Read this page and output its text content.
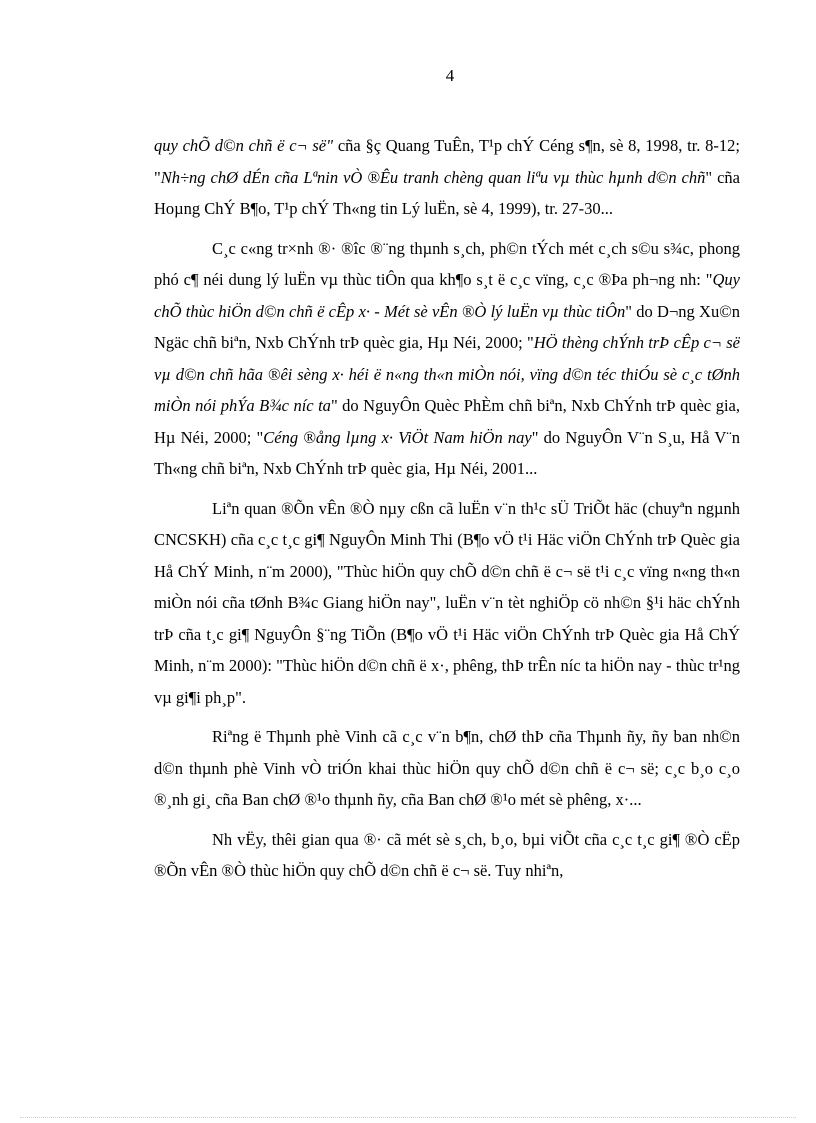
4

quy chÕ d©n chñ ë c¬ së" cña §ç Quang TuÊn, T¹p chÝ Céng s¶n, sè 8, 1998, tr. 8-12; "Nh÷ng chØ dÉn cña Lªnin vÒ ®Êu tranh chèng quan liªu vµ thùc hµnh d©n chñ" cña Hoµng ChÝ B¶o, T¹p chÝ Th«ng tin Lý luËn, sè 4, 1999), tr. 27-30...

C¸c c«ng tr×nh ®· ®îc ®¨ng thµnh s¸ch, ph©n tÝch mét c¸ch s©u s¾c, phong phó c¶ néi dung lý luËn vµ thùc tiÔn qua kh¶o s¸t ë c¸c vïng, c¸c ®Þa ph¬ng nh: "Quy chÕ thùc hiÖn d©n chñ ë cÊp x· - Mét sè vÊn ®Ò lý luËn vµ thùc tiÔn" do D¬ng Xu©n Ngäc chñ biªn, Nxb ChÝnh trÞ quèc gia, Hµ Néi, 2000; "HÖ thèng chÝnh trÞ cÊp c¬ së vµ d©n chñ hãa ®êi sèng x· héi ë n«ng th«n miÒn nói, vïng d©n téc thiÓu sè c¸c tØnh miÒn nói phÝa B¾c níc ta" do NguyÔn Quèc PhÈm chñ biªn, Nxb ChÝnh trÞ quèc gia, Hµ Néi, 2000; "Céng ®ång lµng x· ViÖt Nam hiÖn nay" do NguyÔn V¨n S¸u, Hå V¨n Th«ng chñ biªn, Nxb ChÝnh trÞ quèc gia, Hµ Néi, 2001...

Liªn quan ®Õn vÊn ®Ò nµy cßn cã luËn v¨n th¹c sÜ TriÕt häc (chuyªn ngµnh CNCSKH) cña c¸c t¸c gi¶ NguyÔn Minh Thi (B¶o vÖ t¹i Häc viÖn ChÝnh trÞ Quèc gia Hå ChÝ Minh, n¨m 2000), "Thùc hiÖn quy chÕ d©n chñ ë c¬ së t¹i c¸c vïng n«ng th«n miÒn nói cña tØnh B¾c Giang hiÖn nay", luËn v¨n tèt nghiÖp cö nh©n §¹i häc chÝnh trÞ cña t¸c gi¶ NguyÔn §¨ng TiÕn (B¶o vÖ t¹i Häc viÖn ChÝnh trÞ Quèc gia Hå ChÝ Minh, n¨m 2000): "Thùc hiÖn d©n chñ ë x·, phêng, thÞ trÊn níc ta hiÖn nay - thùc tr¹ng vµ gi¶i ph¸p".

Riªng ë Thµnh phè Vinh cã c¸c v¨n b¶n, chØ thÞ cña Thµnh ñy, ñy ban nh©n d©n thµnh phè Vinh vÒ triÓn khai thùc hiÖn quy chÕ d©n chñ ë c¬ së; c¸c b¸o c¸o ®¸nh gi¸ cña Ban chØ ®¹o thµnh ñy, cña Ban chØ ®¹o mét sè phêng, x·...

Nh vËy, thêi gian qua ®· cã mét sè s¸ch, b¸o, bµi viÕt cña c¸c t¸c gi¶ ®Ò cËp ®Õn vÊn ®Ò thùc hiÖn quy chÕ d©n chñ ë c¬ së. Tuy nhiªn,
